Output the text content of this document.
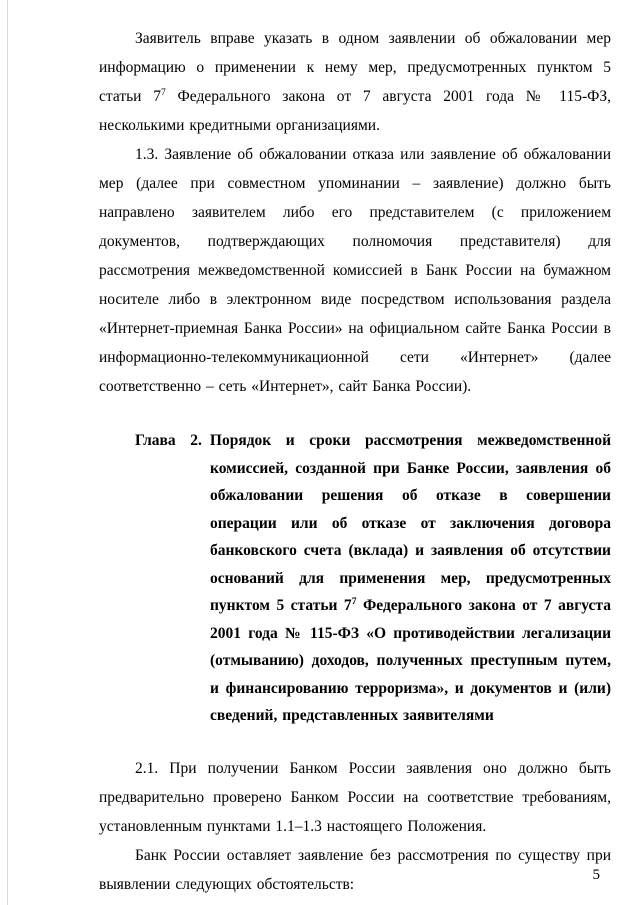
Заявитель вправе указать в одном заявлении об обжаловании мер информацию о применении к нему мер, предусмотренных пунктом 5 статьи $7^7$ Федерального закона от 7 августа 2001 года № 115-ФЗ, несколькими кредитными организациями.

1.3. Заявление об обжаловании отказа или заявление об обжаловании мер (далее при совместном упоминании – заявление) должно быть направлено заявителем либо его представителем (с приложением документов, подтверждающих полномочия представителя) для рассмотрения межведомственной комиссией в Банк России на бумажном носителе либо в электронном виде посредством использования раздела «Интернет-приемная Банка России» на официальном сайте Банка России в информационно-телекоммуникационной сети «Интернет» (далее соответственно – сеть «Интернет», сайт Банка России).

Глава 2. Порядок и сроки рассмотрения межведомственной комиссией, созданной при Банке России, заявления об обжаловании решения об отказе в совершении операции или об отказе от заключения договора банковского счета (вклада) и заявления об отсутствии оснований для применения мер, предусмотренных пунктом 5 статьи $7^7$ Федерального закона от 7 августа 2001 года № 115-ФЗ «О противодействии легализации (отмыванию) доходов, полученных преступным путем, и финансированию терроризма», и документов и (или) сведений, представленных заявителями

2.1. При получении Банком России заявления оно должно быть предварительно проверено Банком России на соответствие требованиям, установленным пунктами 1.1–1.3 настоящего Положения.

Банк России оставляет заявление без рассмотрения по существу при выявлении следующих обстоятельств:

5
